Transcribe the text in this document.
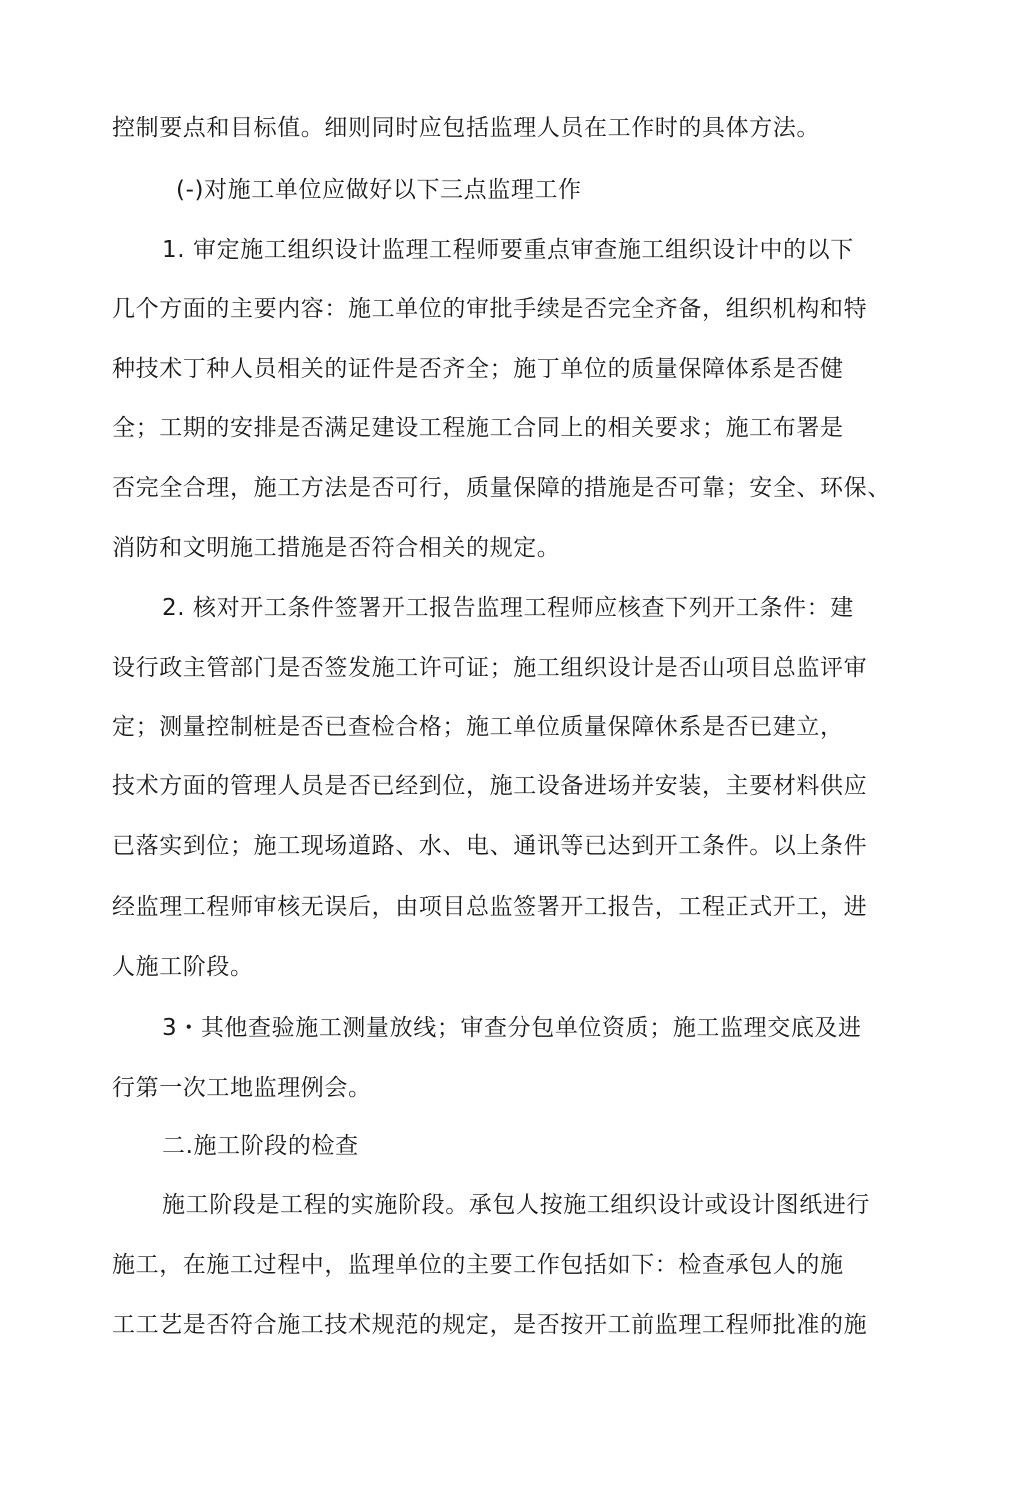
控制要点和目标值。细则同时应包括监理人员在工作时的具体方法。
(-)对施工单位应做好以下三点监理工作
1. 审定施工组织设计监理工程师要重点审查施工组织设计中的以下
几个方面的主要内容：施工单位的审批手续是否完全齐备，组织机构和特
种技术丁种人员相关的证件是否齐全；施丁单位的质量保障体系是否健
全；工期的安排是否满足建设工程施工合同上的相关要求；施工布署是
否完全合理，施工方法是否可行，质量保障的措施是否可靠；安全、环保、
消防和文明施工措施是否符合相关的规定。
2. 核对开工条件签署开工报告监理工程师应核查下列开工条件：建
设行政主管部门是否签发施工许可证；施工组织设计是否山项目总监评审
定；测量控制桩是否已查检合格；施工单位质量保障休系是否已建立，
技术方面的管理人员是否已经到位，施工设备进场并安装，主要材料供应
已落实到位；施工现场道路、水、电、通讯等已达到开工条件。以上条件
经监理工程师审核无误后，由项目总监签署开工报告，工程正式开工，进
人施工阶段。
3・其他查验施工测量放线；审查分包单位资质；施工监理交底及进
行第一次工地监理例会。
二.施工阶段的检查
施工阶段是工程的实施阶段。承包人按施工组织设计或设计图纸进行
施工，在施工过程中，监理单位的主要工作包括如下：检查承包人的施
工工艺是否符合施工技术规范的规定，是否按开工前监理工程师批准的施
